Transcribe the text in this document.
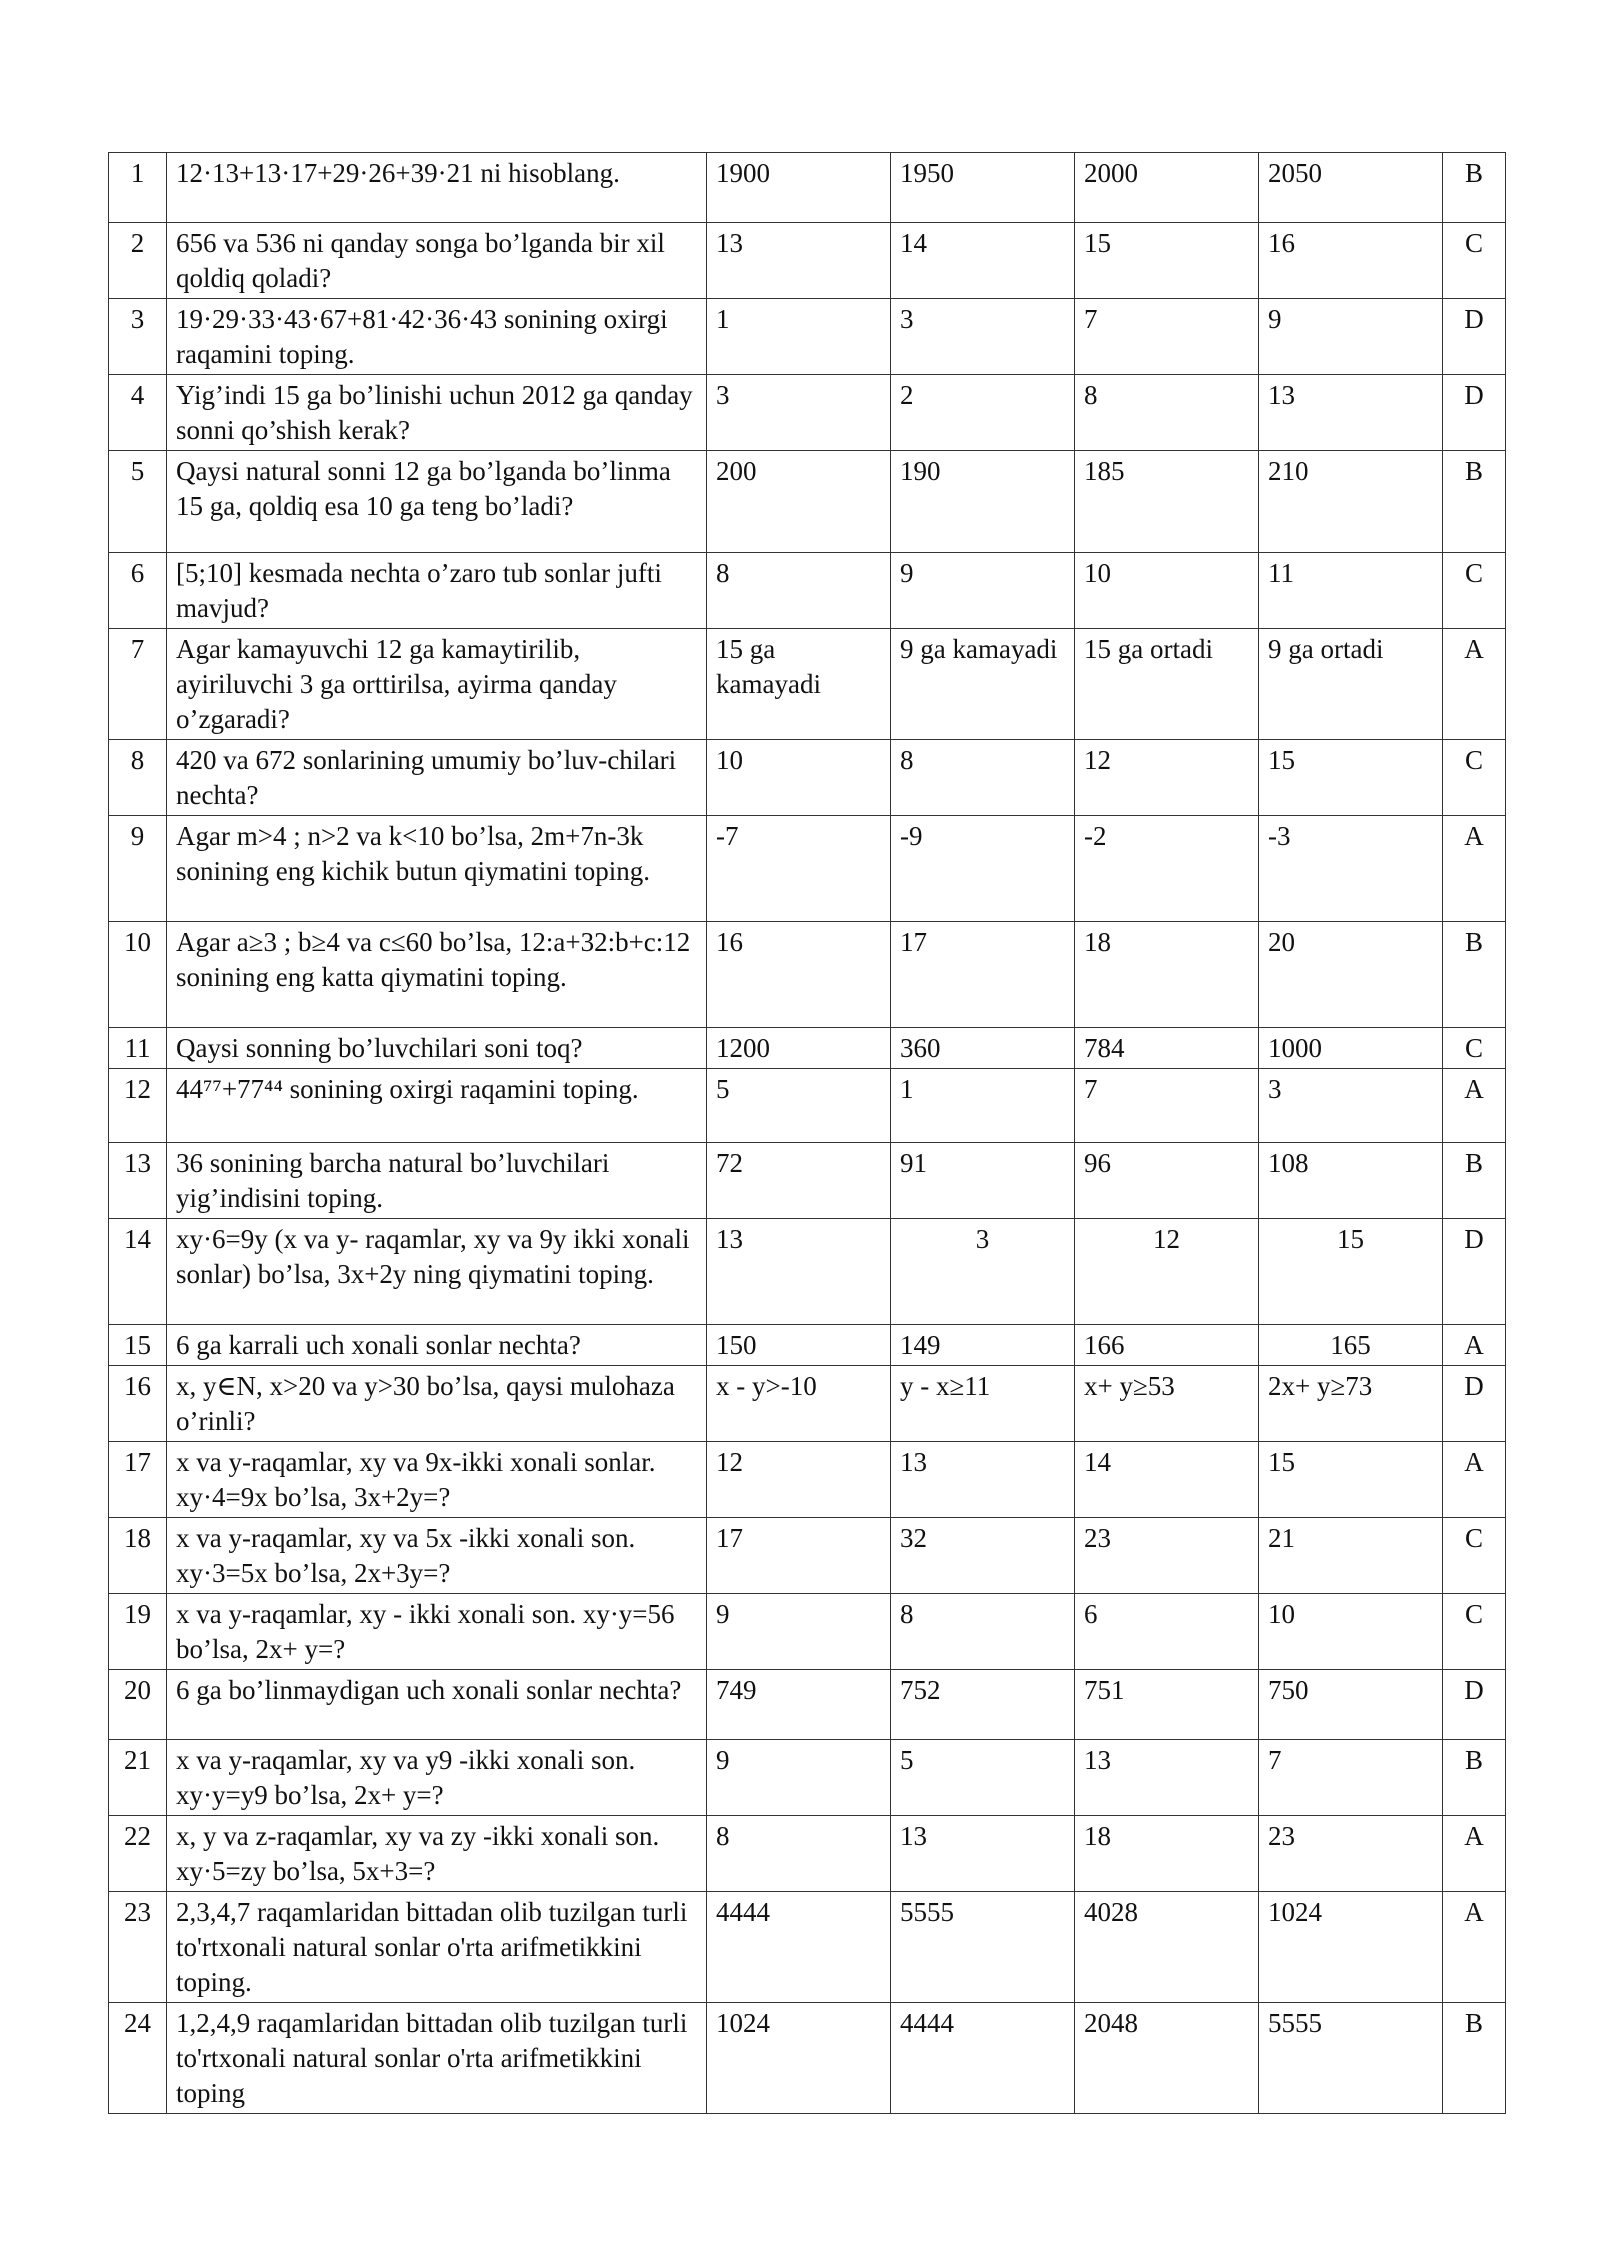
1	12·13+13·17+29·26+39·21 ni hisoblang.	1900	1950	2000	2050	B
2	656 va 536 ni qanday songa bo’lganda bir xil qoldiq qoladi?	13	14	15	16	C
3	19·29·33·43·67+81·42·36·43 sonining oxirgi raqamini toping.	1	3	7	9	D
4	Yig’indi 15 ga bo’linishi uchun 2012 ga qanday sonni qo’shish kerak?	3	2	8	13	D
5	Qaysi natural sonni 12 ga bo’lganda bo’linma 15 ga, qoldiq esa 10 ga teng bo’ladi?	200	190	185	210	B
6	[5;10] kesmada nechta o’zaro tub sonlar jufti mavjud?	8	9	10	11	C
7	Agar kamayuvchi 12 ga kamaytirilib, ayiriluvchi 3 ga orttirilsa, ayirma qanday o’zgaradi?	15 ga kamayadi	9 ga kamayadi	15 ga ortadi	9 ga ortadi	A
8	420 va 672 sonlarining umumiy bo’luv-chilari nechta?	10	8	12	15	C
9	Agar m>4 ; n>2 va k<10 bo’lsa, 2m+7n-3k sonining eng kichik butun qiymatini toping.	-7	-9	-2	-3	A
10	Agar a≥3 ; b≥4 va c≤60 bo’lsa, 12:a+32:b+c:12 sonining eng katta qiymatini toping.	16	17	18	20	B
11	Qaysi sonning bo’luvchilari soni toq?	1200	360	784	1000	C
12	44⁷⁷+77⁴⁴ sonining oxirgi raqamini toping.	5	1	7	3	A
13	36 sonining barcha natural bo’luvchilari yig’indisini toping.	72	91	96	108	B
14	xy·6=9y (x va y- raqamlar, xy va 9y ikki xonali sonlar) bo’lsa, 3x+2y ning qiymatini toping.	13	3	12	15	D
15	6 ga karrali uch xonali sonlar nechta?	150	149	166	165	A
16	x, y∈N, x>20 va y>30 bo’lsa, qaysi mulohaza o’rinli?	x - y>-10	y - x≥11	x+ y≥53	2x+ y≥73	D
17	x va y-raqamlar, xy va 9x-ikki xonali sonlar. xy·4=9x bo’lsa, 3x+2y=?	12	13	14	15	A
18	x va y-raqamlar, xy va 5x -ikki xonali son. xy·3=5x bo’lsa, 2x+3y=?	17	32	23	21	C
19	x va y-raqamlar, xy - ikki xonali son. xy·y=56 bo’lsa, 2x+ y=?	9	8	6	10	C
20	6 ga bo’linmaydigan uch xonali sonlar nechta?	749	752	751	750	D
21	x va y-raqamlar, xy va y9 -ikki xonali son. xy·y=y9 bo’lsa, 2x+ y=?	9	5	13	7	B
22	x, y va z-raqamlar, xy va zy -ikki xonali son. xy·5=zy bo’lsa, 5x+3=?	8	13	18	23	A
23	2,3,4,7 raqamlaridan bittadan olib tuzilgan turli to'rtxonali natural sonlar o'rta arifmetikkini toping.	4444	5555	4028	1024	A
24	1,2,4,9 raqamlaridan bittadan olib tuzilgan turli to'rtxonali natural sonlar o'rta arifmetikkini toping	1024	4444	2048	5555	B
